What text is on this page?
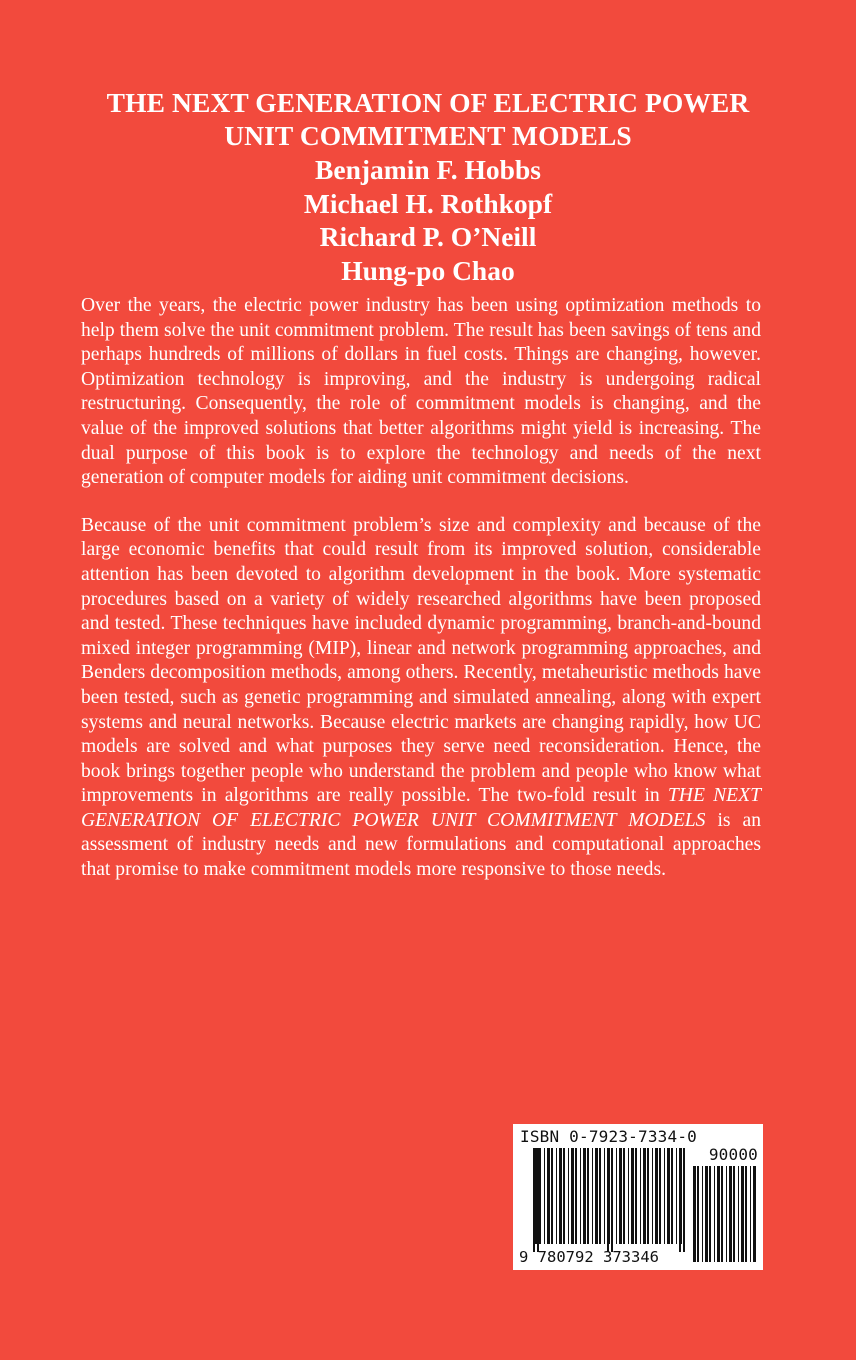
THE NEXT GENERATION OF ELECTRIC POWER
UNIT COMMITMENT MODELS
Benjamin F. Hobbs
Michael H. Rothkopf
Richard P. O’Neill
Hung-po Chao

Over the years, the electric power industry has been using optimization methods to help them solve the unit commitment problem. The result has been savings of tens and perhaps hundreds of millions of dollars in fuel costs. Things are changing, however. Optimization technology is improving, and the industry is undergoing radical restructuring. Consequently, the role of commitment models is changing, and the value of the improved solutions that better algorithms might yield is increasing. The dual purpose of this book is to explore the technology and needs of the next generation of computer models for aiding unit commitment decisions.

Because of the unit commitment problem’s size and complexity and because of the large economic benefits that could result from its improved solution, considerable attention has been devoted to algorithm development in the book. More systematic procedures based on a variety of widely researched algorithms have been proposed and tested. These techniques have included dynamic programming, branch-and-bound mixed integer programming (MIP), linear and network programming approaches, and Benders decomposition methods, among others. Recently, metaheuristic methods have been tested, such as genetic programming and simulated annealing, along with expert systems and neural networks. Because electric markets are changing rapidly, how UC models are solved and what purposes they serve need reconsideration. Hence, the book brings together people who understand the problem and people who know what improvements in algorithms are really possible. The two-fold result in THE NEXT GENERATION OF ELECTRIC POWER UNIT COMMITMENT MODELS is an assessment of industry needs and new formulations and computational approaches that promise to make commitment models more responsive to those needs.

ISBN 0-7923-7334-0
90000
9 780792 373346
